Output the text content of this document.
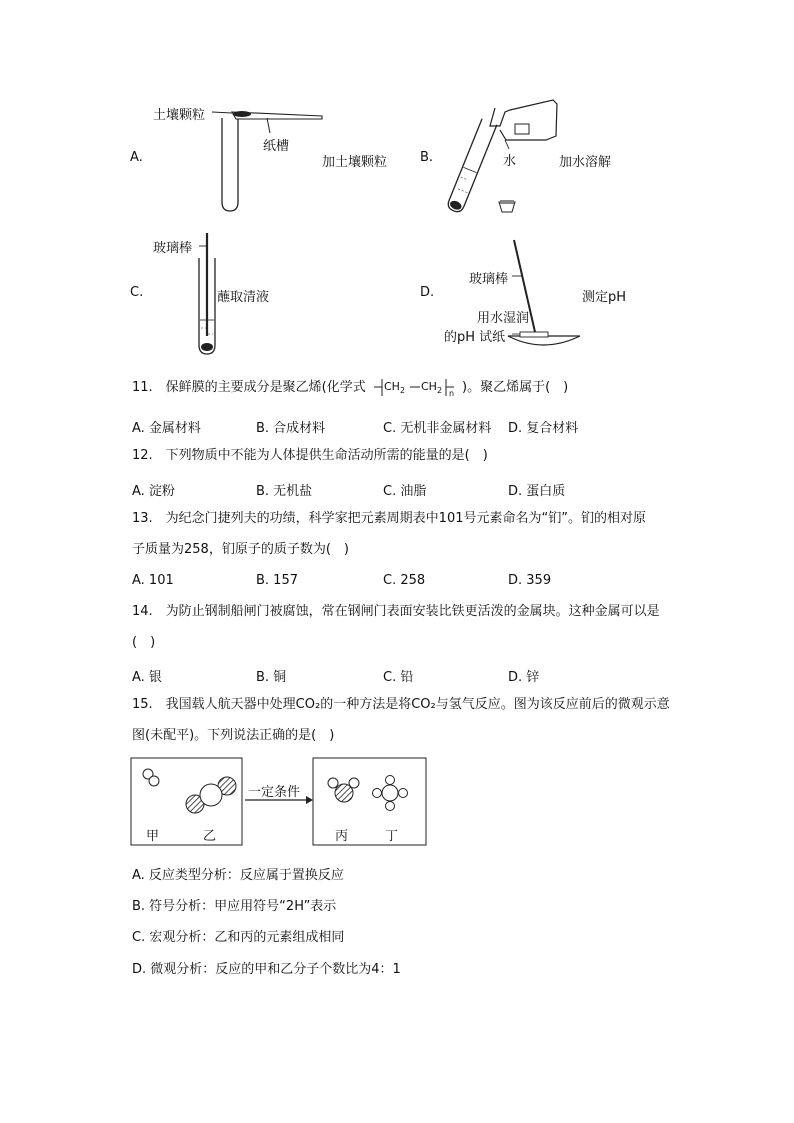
A.
土壤颗粒
纸槽
加土壤颗粒	B.	水	加水溶解
C.
玻璃棒
蘸取清液	D.
玻璃棒
测定pH
用水湿润
的pH 试纸
11.　保鲜膜的主要成分是聚乙烯(化学式 $CH_2$ $CH_2$ n )。聚乙烯属于(　)
A. 金属材料	B. 合成材料	C. 无机非金属材料 D. 复合材料
12.　下列物质中不能为人体提供生命活动所需的能量的是(　)
A. 淀粉	B. 无机盐	C. 油脂	D. 蛋白质
13.　为纪念门捷列夫的功绩，科学家把元素周期表中101号元素命名为“钔”。钔的相对原
子质量为258，钔原子的质子数为(　)
A. 101	B. 157	C. 258	D. 359
14.　为防止钢制船闸门被腐蚀，常在钢闸门表面安装比铁更活泼的金属块。这种金属可以是
(　)
A. 银	B. 铜	C. 铅	D. 锌
15.　我国载人航天器中处理CO₂的一种方法是将CO₂与氢气反应。图为该反应前后的微观示意
图(未配平)。下列说法正确的是(　)
一定条件
甲	乙	丙	丁
A. 反应类型分析：反应属于置换反应
B. 符号分析：甲应用符号“2H”表示
C. 宏观分析：乙和丙的元素组成相同
D. 微观分析：反应的甲和乙分子个数比为4：1
